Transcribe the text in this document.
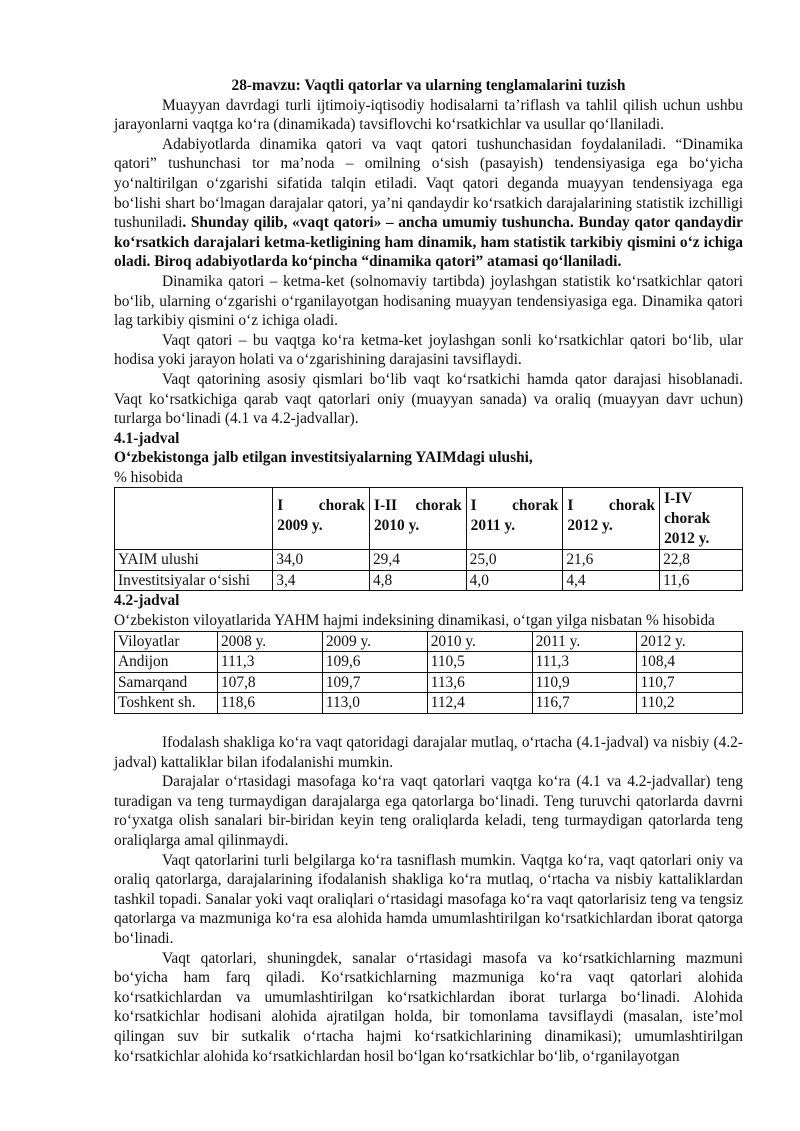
28-mavzu: Vaqtli qatorlar va ularning tenglamalarini tuzish

Muayyan davrdagi turli ijtimoiy-iqtisodiy hodisalarni ta’riflash va tahlil qilish uchun ushbu jarayonlarni vaqtga ko‘ra (dinamikada) tavsiflovchi ko‘rsatkichlar va usullar qo‘llaniladi.

Adabiyotlarda dinamika qatori va vaqt qatori tushunchasidan foydalaniladi. “Dinamika qatori” tushunchasi tor ma’noda – omilning o‘sish (pasayish) tendensiyasiga ega bo‘yicha yo‘naltirilgan o‘zgarishi sifatida talqin etiladi. Vaqt qatori deganda muayyan tendensiyaga ega bo‘lishi shart bo‘lmagan darajalar qatori, ya’ni qandaydir ko‘rsatkich darajalarining statistik izchilligi tushuniladi. Shunday qilib, «vaqt qatori» – ancha umumiy tushuncha. Bunday qator qandaydir ko‘rsatkich darajalari ketma-ketligining ham dinamik, ham statistik tarkibiy qismini o‘z ichiga oladi. Biroq adabiyotlarda ko‘pincha “dinamika qatori” atamasi qo‘llaniladi.

Dinamika qatori – ketma-ket (solnomaviy tartibda) joylashgan statistik ko‘rsatkichlar qatori bo‘lib, ularning o‘zgarishi o‘rganilayotgan hodisaning muayyan tendensiyasiga ega. Dinamika qatori lag tarkibiy qismini o‘z ichiga oladi.

Vaqt qatori – bu vaqtga ko‘ra ketma-ket joylashgan sonli ko‘rsatkichlar qatori bo‘lib, ular hodisa yoki jarayon holati va o‘zgarishining darajasini tavsiflaydi.

Vaqt qatorining asosiy qismlari bo‘lib vaqt ko‘rsatkichi hamda qator darajasi hisoblanadi. Vaqt ko‘rsatkichiga qarab vaqt qatorlari oniy (muayyan sanada) va oraliq (muayyan davr uchun) turlarga bo‘linadi (4.1 va 4.2-jadvallar).

4.1-jadval
O‘zbekistonga jalb etilgan investitsiyalarning YAIMdagi ulushi,
% hisobida
	I chorak 2009 y.	I-II chorak 2010 y.	I chorak 2011 y.	I chorak 2012 y.	I-IV chorak 2012 y.
YAIM ulushi	34,0	29,4	25,0	21,6	22,8
Investitsiyalar o‘sishi	3,4	4,8	4,0	4,4	11,6
4.2-jadval
O‘zbekiston viloyatlarida YAHM hajmi indeksining dinamikasi, o‘tgan yilga nisbatan % hisobida
Viloyatlar	2008 y.	2009 y.	2010 y.	2011 y.	2012 y.
Andijon	111,3	109,6	110,5	111,3	108,4
Samarqand	107,8	109,7	113,6	110,9	110,7
Toshkent sh.	118,6	113,0	112,4	116,7	110,2

Ifodalash shakliga ko‘ra vaqt qatoridagi darajalar mutlaq, o‘rtacha (4.1-jadval) va nisbiy (4.2-jadval) kattaliklar bilan ifodalanishi mumkin.

Darajalar o‘rtasidagi masofaga ko‘ra vaqt qatorlari vaqtga ko‘ra (4.1 va 4.2-jadvallar) teng turadigan va teng turmaydigan darajalarga ega qatorlarga bo‘linadi. Teng turuvchi qatorlarda davrni ro‘yxatga olish sanalari bir-biridan keyin teng oraliqlarda keladi, teng turmaydigan qatorlarda teng oraliqlarga amal qilinmaydi.

Vaqt qatorlarini turli belgilarga ko‘ra tasniflash mumkin. Vaqtga ko‘ra, vaqt qatorlari oniy va oraliq qatorlarga, darajalarining ifodalanish shakliga ko‘ra mutlaq, o‘rtacha va nisbiy kattaliklardan tashkil topadi. Sanalar yoki vaqt oraliqlari o‘rtasidagi masofaga ko‘ra vaqt qatorlarisiz teng va tengsiz qatorlarga va mazmuniga ko‘ra esa alohida hamda umumlashtirilgan ko‘rsatkichlardan iborat qatorga bo‘linadi.

Vaqt qatorlari, shuningdek, sanalar o‘rtasidagi masofa va ko‘rsatkichlarning mazmuni bo‘yicha ham farq qiladi. Ko‘rsatkichlarning mazmuniga ko‘ra vaqt qatorlari alohida ko‘rsatkichlardan va umumlashtirilgan ko‘rsatkichlardan iborat turlarga bo‘linadi. Alohida ko‘rsatkichlar hodisani alohida ajratilgan holda, bir tomonlama tavsiflaydi (masalan, iste’mol qilingan suv bir sutkalik o‘rtacha hajmi ko‘rsatkichlarining dinamikasi); umumlashtirilgan ko‘rsatkichlar alohida ko‘rsatkichlardan hosil bo‘lgan ko‘rsatkichlar bo‘lib, o‘rganilayotgan
